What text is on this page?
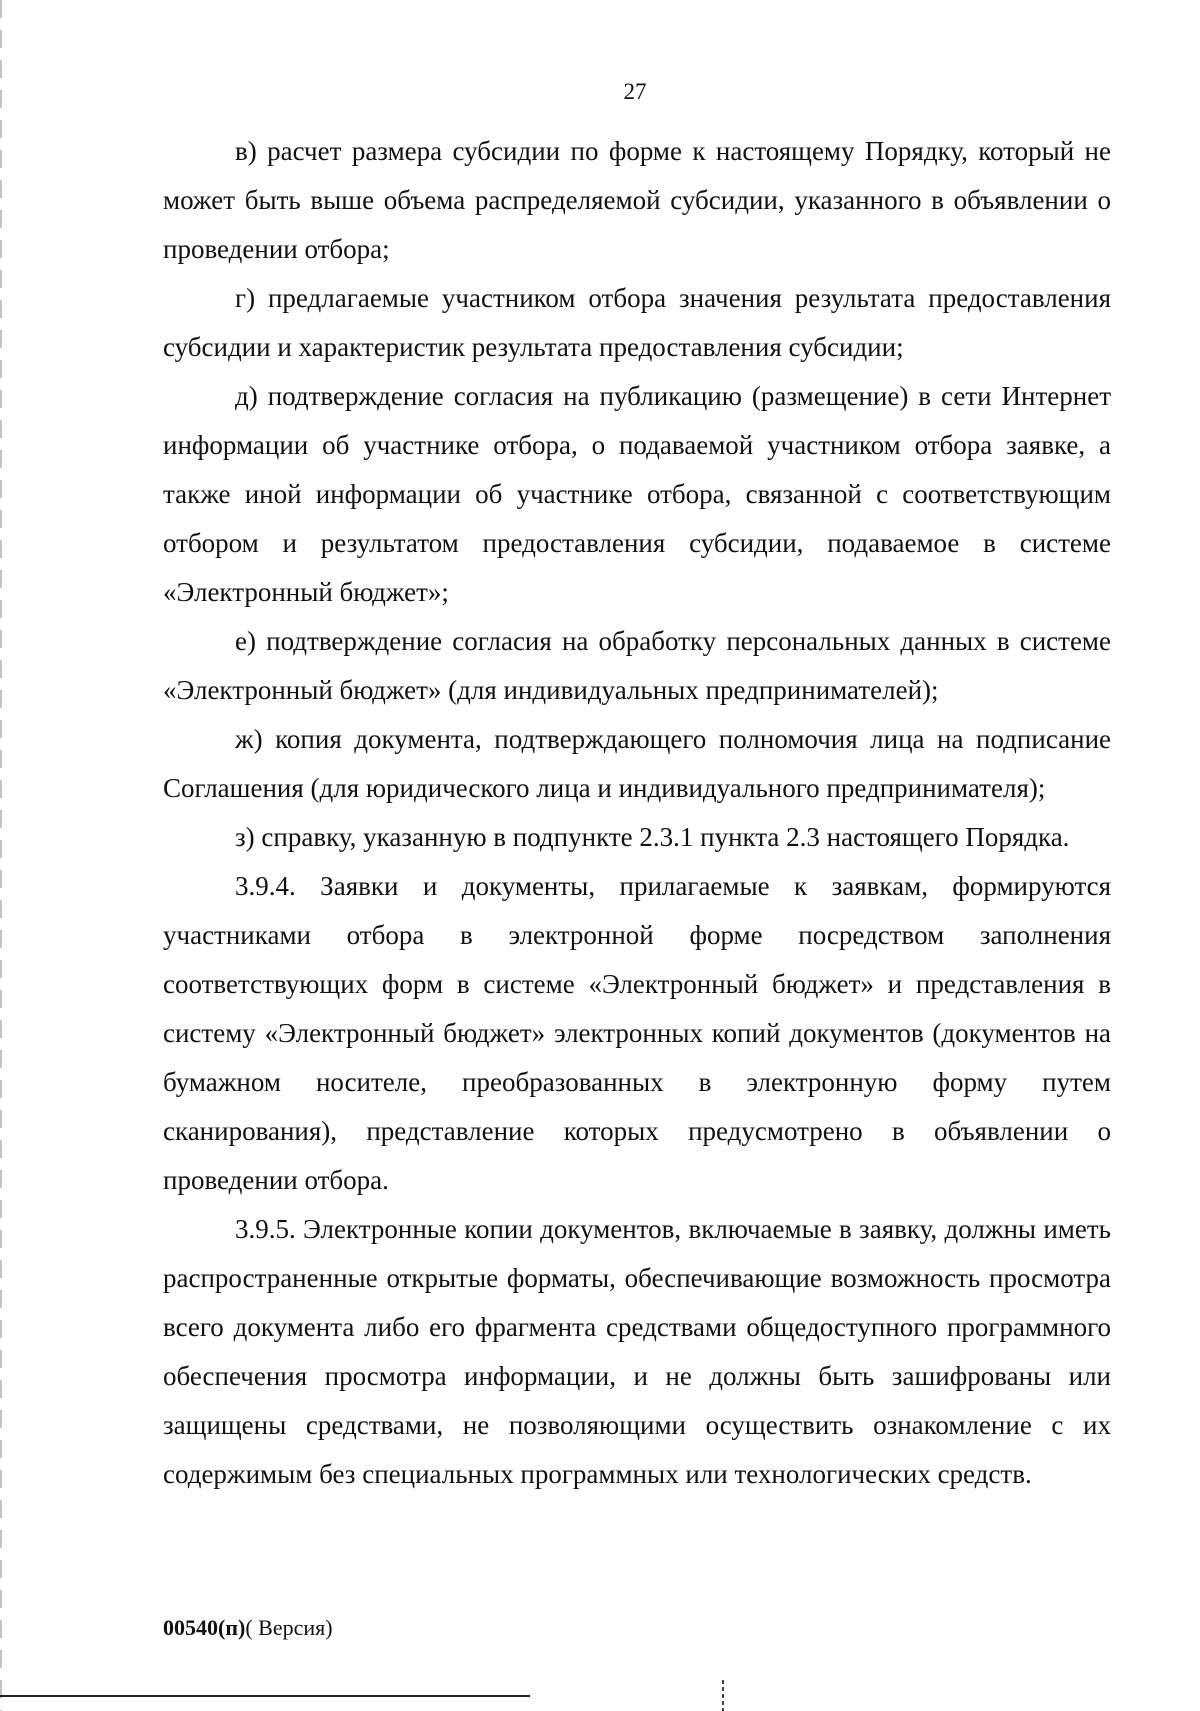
27

в) расчет размера субсидии по форме к настоящему Порядку, который не может быть выше объема распределяемой субсидии, указанного в объявлении о проведении отбора;

г) предлагаемые участником отбора значения результата предоставления субсидии и характеристик результата предоставления субсидии;

д) подтверждение согласия на публикацию (размещение) в сети Интернет информации об участнике отбора, о подаваемой участником отбора заявке, а также иной информации об участнике отбора, связанной с соответствующим отбором и результатом предоставления субсидии, подаваемое в системе «Электронный бюджет»;

е) подтверждение согласия на обработку персональных данных в системе «Электронный бюджет» (для индивидуальных предпринимателей);

ж) копия документа, подтверждающего полномочия лица на подписание Соглашения (для юридического лица и индивидуального предпринимателя);

з) справку, указанную в подпункте 2.3.1 пункта 2.3 настоящего Порядка.

3.9.4. Заявки и документы, прилагаемые к заявкам, формируются участниками отбора в электронной форме посредством заполнения соответствующих форм в системе «Электронный бюджет» и представления в систему «Электронный бюджет» электронных копий документов (документов на бумажном носителе, преобразованных в электронную форму путем сканирования), представление которых предусмотрено в объявлении о проведении отбора.

3.9.5. Электронные копии документов, включаемые в заявку, должны иметь распространенные открытые форматы, обеспечивающие возможность просмотра всего документа либо его фрагмента средствами общедоступного программного обеспечения просмотра информации, и не должны быть зашифрованы или защищены средствами, не позволяющими осуществить ознакомление с их содержимым без специальных программных или технологических средств.

00540(п)( Версия)
